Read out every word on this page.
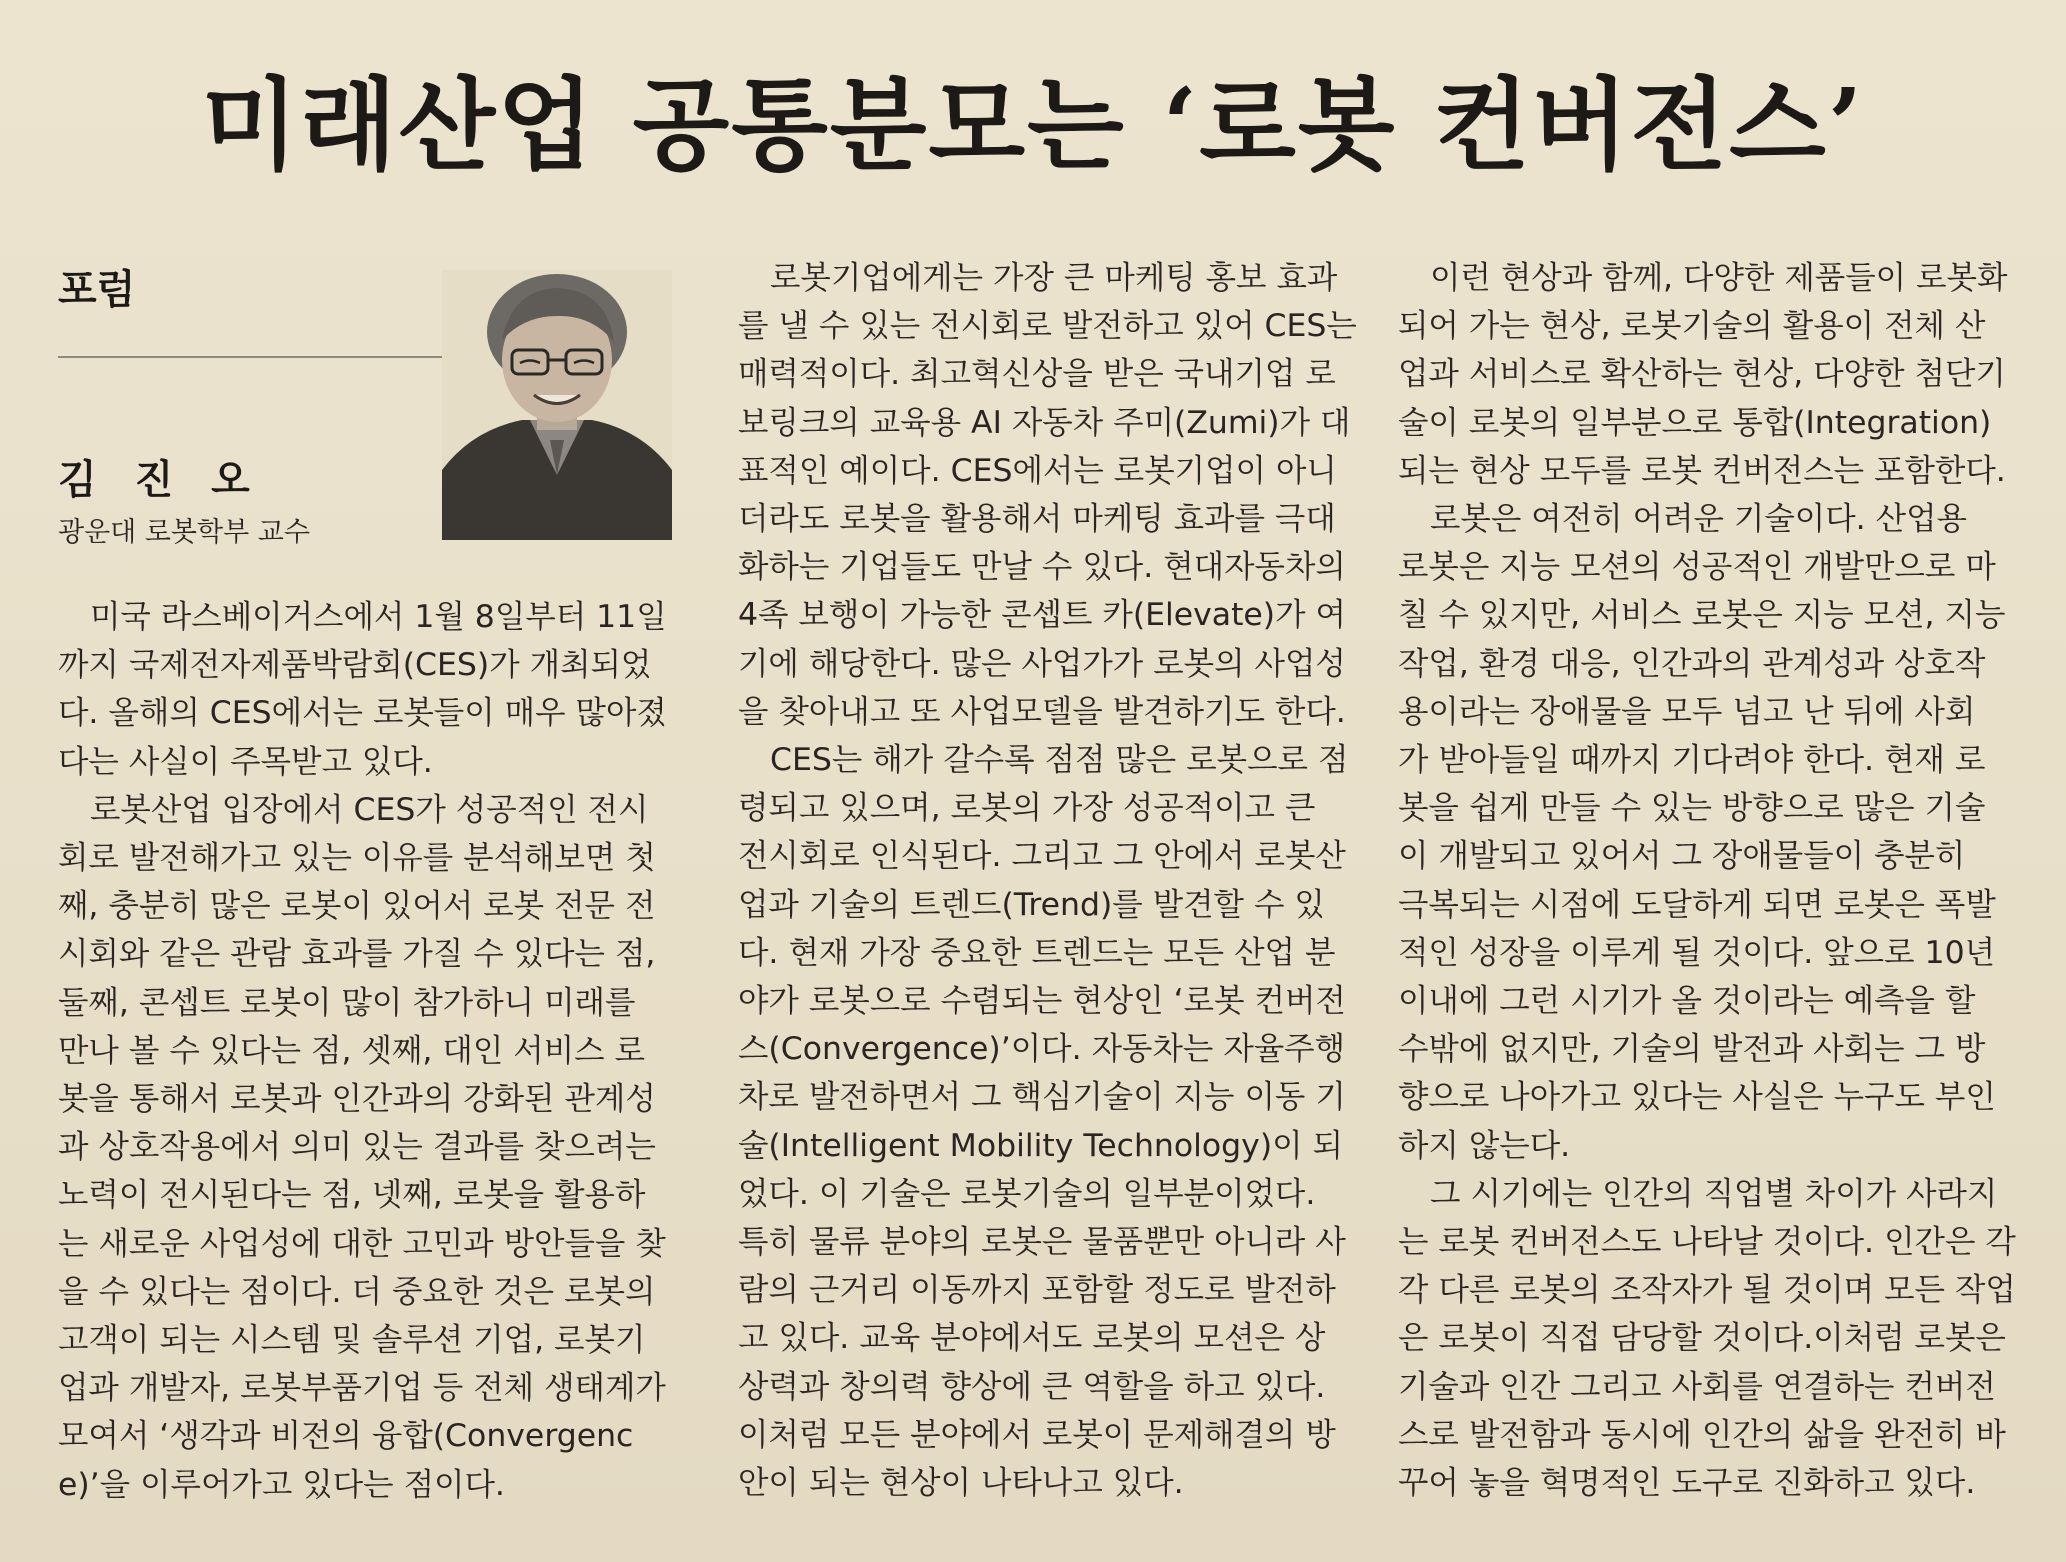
미래산업 공통분모는 ‘로봇 컨버전스’
포럼
김 진 오
광운대 로봇학부 교수

미국 라스베이거스에서 1월 8일부터 11일

까지 국제전자제품박람회(CES)가 개최되었

다. 올해의 CES에서는 로봇들이 매우 많아졌

다는 사실이 주목받고 있다.

로봇산업 입장에서 CES가 성공적인 전시

회로 발전해가고 있는 이유를 분석해보면 첫

째, 충분히 많은 로봇이 있어서 로봇 전문 전

시회와 같은 관람 효과를 가질 수 있다는 점,

둘째, 콘셉트 로봇이 많이 참가하니 미래를

만나 볼 수 있다는 점, 셋째, 대인 서비스 로

봇을 통해서 로봇과 인간과의 강화된 관계성

과 상호작용에서 의미 있는 결과를 찾으려는

노력이 전시된다는 점, 넷째, 로봇을 활용하

는 새로운 사업성에 대한 고민과 방안들을 찾

을 수 있다는 점이다. 더 중요한 것은 로봇의

고객이 되는 시스템 및 솔루션 기업, 로봇기

업과 개발자, 로봇부품기업 등 전체 생태계가

모여서 ‘생각과 비전의 융합(Convergenc

e)’을 이루어가고 있다는 점이다.

로봇기업에게는 가장 큰 마케팅 홍보 효과

를 낼 수 있는 전시회로 발전하고 있어 CES는

매력적이다. 최고혁신상을 받은 국내기업 로

보링크의 교육용 AI 자동차 주미(Zumi)가 대

표적인 예이다. CES에서는 로봇기업이 아니

더라도 로봇을 활용해서 마케팅 효과를 극대

화하는 기업들도 만날 수 있다. 현대자동차의

4족 보행이 가능한 콘셉트 카(Elevate)가 여

기에 해당한다. 많은 사업가가 로봇의 사업성

을 찾아내고 또 사업모델을 발견하기도 한다.

CES는 해가 갈수록 점점 많은 로봇으로 점

령되고 있으며, 로봇의 가장 성공적이고 큰

전시회로 인식된다. 그리고 그 안에서 로봇산

업과 기술의 트렌드(Trend)를 발견할 수 있

다. 현재 가장 중요한 트렌드는 모든 산업 분

야가 로봇으로 수렴되는 현상인 ‘로봇 컨버전

스(Convergence)’이다. 자동차는 자율주행

차로 발전하면서 그 핵심기술이 지능 이동 기

술(Intelligent Mobility Technology)이 되

었다. 이 기술은 로봇기술의 일부분이었다.

특히 물류 분야의 로봇은 물품뿐만 아니라 사

람의 근거리 이동까지 포함할 정도로 발전하

고 있다. 교육 분야에서도 로봇의 모션은 상

상력과 창의력 향상에 큰 역할을 하고 있다.

이처럼 모든 분야에서 로봇이 문제해결의 방

안이 되는 현상이 나타나고 있다.

이런 현상과 함께, 다양한 제품들이 로봇화

되어 가는 현상, 로봇기술의 활용이 전체 산

업과 서비스로 확산하는 현상, 다양한 첨단기

술이 로봇의 일부분으로 통합(Integration)

되는 현상 모두를 로봇 컨버전스는 포함한다.

로봇은 여전히 어려운 기술이다. 산업용

로봇은 지능 모션의 성공적인 개발만으로 마

칠 수 있지만, 서비스 로봇은 지능 모션, 지능

작업, 환경 대응, 인간과의 관계성과 상호작

용이라는 장애물을 모두 넘고 난 뒤에 사회

가 받아들일 때까지 기다려야 한다. 현재 로

봇을 쉽게 만들 수 있는 방향으로 많은 기술

이 개발되고 있어서 그 장애물들이 충분히

극복되는 시점에 도달하게 되면 로봇은 폭발

적인 성장을 이루게 될 것이다. 앞으로 10년

이내에 그런 시기가 올 것이라는 예측을 할

수밖에 없지만, 기술의 발전과 사회는 그 방

향으로 나아가고 있다는 사실은 누구도 부인

하지 않는다.

그 시기에는 인간의 직업별 차이가 사라지

는 로봇 컨버전스도 나타날 것이다. 인간은 각

각 다른 로봇의 조작자가 될 것이며 모든 작업

은 로봇이 직접 담당할 것이다.이처럼 로봇은

기술과 인간 그리고 사회를 연결하는 컨버전

스로 발전함과 동시에 인간의 삶을 완전히 바

꾸어 놓을 혁명적인 도구로 진화하고 있다.
